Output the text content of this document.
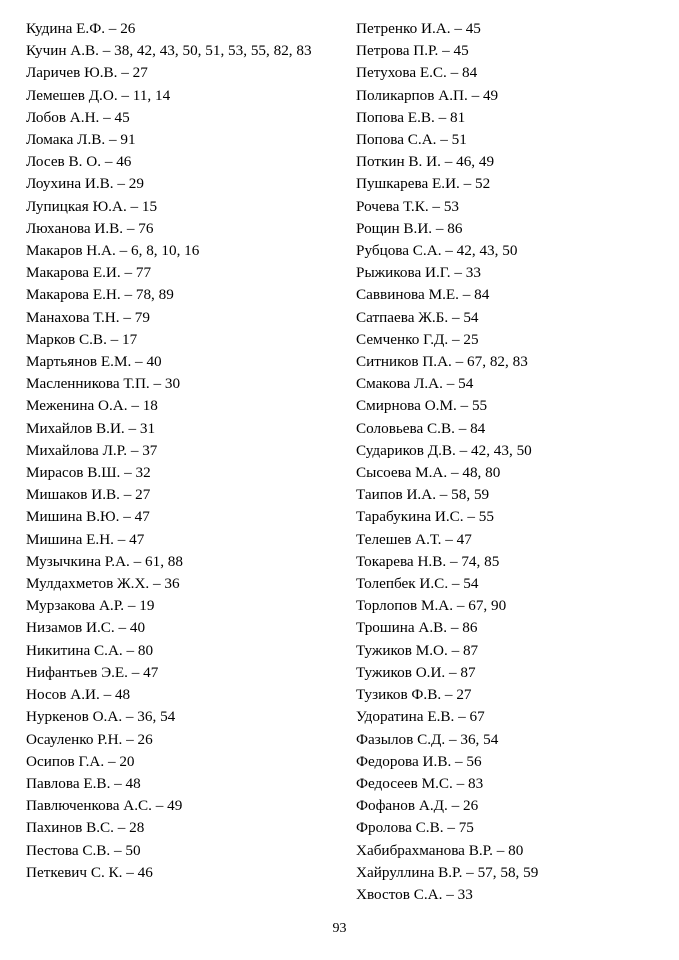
Кудина Е.Ф. – 26
Кучин А.В. – 38, 42, 43, 50, 51, 53, 55, 82, 83
Ларичев Ю.В. – 27
Лемешев Д.О. – 11, 14
Лобов А.Н. – 45
Ломака Л.В. – 91
Лосев В. О. – 46
Лоухина И.В. – 29
Лупицкая Ю.А. – 15
Люханова И.В. – 76
Макаров Н.А. – 6, 8, 10, 16
Макарова Е.И. – 77
Макарова Е.Н. – 78, 89
Манахова Т.Н. – 79
Марков С.В. – 17
Мартьянов Е.М. – 40
Масленникова Т.П. – 30
Меженина О.А. – 18
Михайлов В.И. – 31
Михайлова Л.Р. – 37
Мирасов В.Ш. – 32
Мишаков И.В. – 27
Мишина В.Ю. – 47
Мишина Е.Н. – 47
Музычкина Р.А. – 61, 88
Мулдахметов Ж.Х. – 36
Мурзакова А.Р. – 19
Низамов И.С. – 40
Никитина С.А. – 80
Нифантьев Э.Е. – 47
Носов А.И. – 48
Нуркенов О.А. – 36, 54
Осауленко Р.Н. – 26
Осипов Г.А. – 20
Павлова Е.В. – 48
Павлюченкова А.С. – 49
Пахинов В.С. – 28
Пестова С.В. – 50
Петкевич С. К. – 46
Петренко И.А. – 45
Петрова П.Р. – 45
Петухова Е.С. – 84
Поликарпов А.П. – 49
Попова Е.В. – 81
Попова С.А. – 51
Поткин В. И. – 46, 49
Пушкарева Е.И. – 52
Рочева Т.К. – 53
Рощин В.И. – 86
Рубцова С.А. – 42, 43, 50
Рыжикова И.Г. – 33
Саввинова М.Е. – 84
Сатпаева Ж.Б. – 54
Семченко Г.Д. – 25
Ситников П.А. – 67, 82, 83
Смакова Л.А. – 54
Смирнова О.М. – 55
Соловьева С.В. – 84
Судариков Д.В. – 42, 43, 50
Сысоева М.А. – 48, 80
Таипов И.А. – 58, 59
Тарабукина И.С. – 55
Телешев А.Т. – 47
Токарева Н.В. – 74, 85
Толепбек И.С. – 54
Торлопов М.А. – 67, 90
Трошина А.В. – 86
Тужиков М.О. – 87
Тужиков О.И. – 87
Тузиков Ф.В. – 27
Удоратина Е.В. – 67
Фазылов С.Д. – 36, 54
Федорова И.В. – 56
Федосеев М.С. – 83
Фофанов А.Д. – 26
Фролова С.В. – 75
Хабибрахманова В.Р. – 80
Хайруллина В.Р. – 57, 58, 59
Хвостов С.А. – 33
93
